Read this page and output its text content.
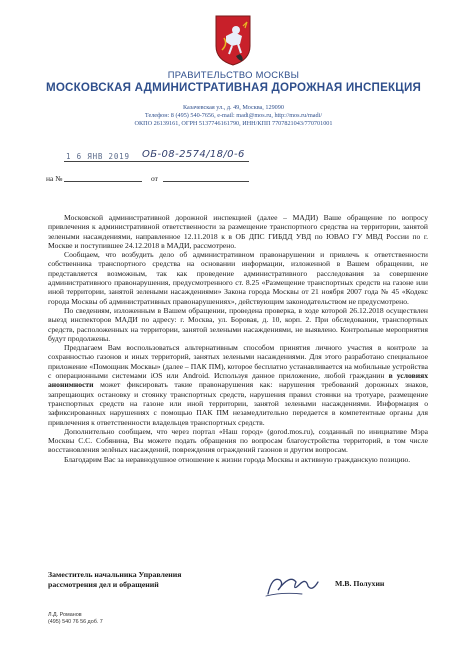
ПРАВИТЕЛЬСТВО МОСКВЫ
МОСКОВСКАЯ АДМИНИСТРАТИВНАЯ ДОРОЖНАЯ ИНСПЕКЦИЯ
Казачевская ул., д. 49, Москва, 129090
Телефон: 8 (495) 540-7656, e-mail: madi@mos.ru, http://mos.ru/madi/
ОКПО 26139161, ОГРН 5137746161790, ИНН/КПП 7707821043/770701001
1 6 ЯНВ 2019 ОБ-08-2574/18/0-6
на №	от

Московской административной дорожной инспекцией (далее – МАДИ) Ваше обращение по вопросу привлечения к административной ответственности за размещение транспортного средства на территории, занятой зелеными насаждениями, направленное 12.11.2018 к в ОБ ДПС ГИБДД УВД по ЮВАО ГУ МВД России по г. Москве и поступившее 24.12.2018 в МАДИ, рассмотрено.

Сообщаем, что возбудить дело об административном правонарушении и привлечь к ответственности собственника транспортного средства на основании информации, изложенной в Вашем обращении, не представляется возможным, так как проведение административного расследования за совершение административного правонарушения, предусмотренного ст. 8.25 «Размещение транспортных средств на газоне или иной территории, занятой зелеными насаждениями» Закона города Москвы от 21 ноября 2007 года № 45 «Кодекс города Москвы об административных правонарушениях», действующим законодательством не предусмотрено.

По сведениям, изложенным в Вашем обращении, проведена проверка, в ходе которой 26.12.2018 осуществлен выезд инспекторов МАДИ по адресу: г. Москва, ул. Боровая, д. 10, корп. 2. При обследовании, транспортных средств, расположенных на территории, занятой зелеными насаждениями, не выявлено. Контрольные мероприятия будут продолжены.

Предлагаем Вам воспользоваться альтернативным способом принятия личного участия в контроле за сохранностью газонов и иных территорий, занятых зелеными насаждениями. Для этого разработано специальное приложение «Помощник Москвы» (далее – ПАК ПМ), которое бесплатно устанавливается на мобильные устройства с операционными системами iOS или Android. Используя данное приложение, любой гражданин в условиях анонимности может фиксировать такие правонарушения как: нарушения требований дорожных знаков, запрещающих остановку и стоянку транспортных средств, нарушения правил стоянки на тротуаре, размещение транспортных средств на газоне или иной территории, занятой зелеными насаждениями. Информация о зафиксированных нарушениях с помощью ПАК ПМ незамедлительно передается в компетентные органы для привлечения к ответственности владельцев транспортных средств.

Дополнительно сообщаем, что через портал «Наш город» (gorod.mos.ru), созданный по инициативе Мэра Москвы С.С. Собянина, Вы можете подать обращения по вопросам благоустройства территорий, в том числе восстановления зелёных насаждений, повреждения ограждений газонов и другим вопросам.

Благодарим Вас за неравнодушное отношение к жизни города Москвы и активную гражданскую позицию.

Заместитель начальника Управления
рассмотрения дел и обращений	М.В. Полухин
Л.Д. Романов
(495) 540 76 56 доб. 7
